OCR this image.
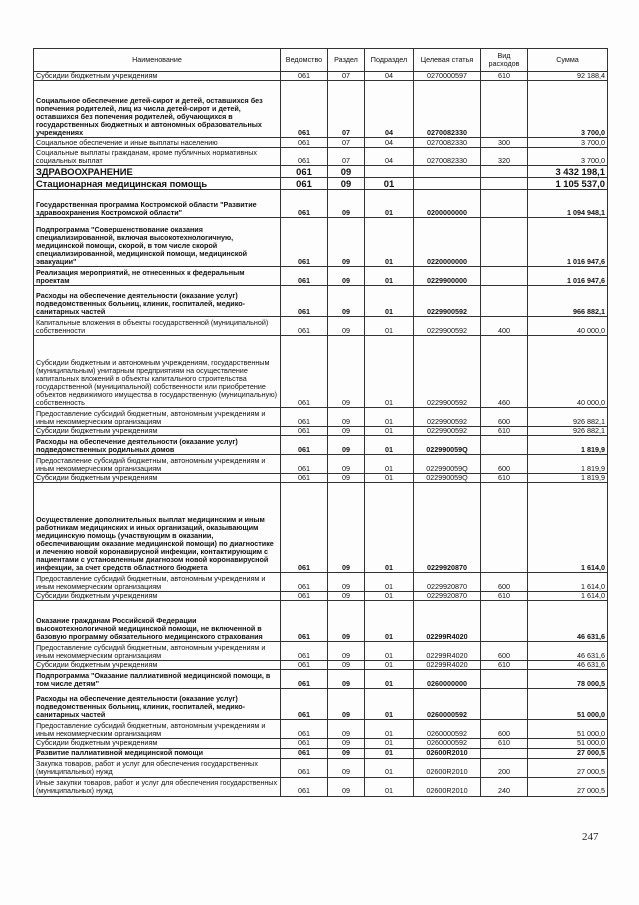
Наименование	Ведомство	Раздел	Подраздел	Целевая статья	Вид расходов	Сумма
Субсидии бюджетным учреждениям	061	07	04	0270000597	610	92 188,4
Социальное обеспечение детей-сирот и детей, оставшихся без попечения родителей, лиц из числа детей-сирот и детей, оставшихся без попечения родителей, обучающихся в государственных бюджетных и автономных образовательных учреждениях	061	07	04	0270082330		3 700,0
Социальное обеспечение и иные выплаты населению	061	07	04	0270082330	300	3 700,0
Социальные выплаты гражданам, кроме публичных нормативных социальных выплат	061	07	04	0270082330	320	3 700,0
ЗДРАВООХРАНЕНИЕ	061	09				3 432 198,1
Стационарная медицинская помощь	061	09	01			1 105 537,0
Государственная программа Костромской области "Развитие здравоохранения Костромской области"	061	09	01	0200000000		1 094 948,1
Подпрограмма "Совершенствование оказания специализированной, включая высокотехнологичную, медицинской помощи, скорой, в том числе скорой специализированной, медицинской помощи, медицинской эвакуации"	061	09	01	0220000000		1 016 947,6
Реализация мероприятий, не отнесенных к федеральным проектам	061	09	01	0229900000		1 016 947,6
Расходы на обеспечение деятельности (оказание услуг) подведомственных больниц, клиник, госпиталей, медико-санитарных частей	061	09	01	0229900592		966 882,1
Капитальные вложения в объекты государственной (муниципальной) собственности	061	09	01	0229900592	400	40 000,0
Субсидии бюджетным и автономным учреждениям, государственным (муниципальным) унитарным предприятиям на осуществление капитальных вложений в объекты капитального строительства государственной (муниципальной) собственности или приобретение объектов недвижимого имущества в государственную (муниципальную) собственность	061	09	01	0229900592	460	40 000,0
Предоставление субсидий бюджетным, автономным учреждениям и иным некоммерческим организациям	061	09	01	0229900592	600	926 882,1
Субсидии бюджетным учреждениям	061	09	01	0229900592	610	926 882,1
Расходы на обеспечение деятельности (оказание услуг) подведомственных родильных домов	061	09	01	022990059Q		1 819,9
Предоставление субсидий бюджетным, автономным учреждениям и иным некоммерческим организациям	061	09	01	022990059Q	600	1 819,9
Субсидии бюджетным учреждениям	061	09	01	022990059Q	610	1 819,9
Осуществление дополнительных выплат медицинским и иным работникам медицинских и иных организаций, оказывающим медицинскую помощь (участвующим в оказании, обеспечивающим оказание медицинской помощи) по диагностике и лечению новой коронавирусной инфекции, контактирующим с пациентами с установленным диагнозом новой коронавирусной инфекции, за счет средств областного бюджета	061	09	01	0229920870		1 614,0
Предоставление субсидий бюджетным, автономным учреждениям и иным некоммерческим организациям	061	09	01	0229920870	600	1 614,0
Субсидии бюджетным учреждениям	061	09	01	0229920870	610	1 614,0
Оказание гражданам Российской Федерации высокотехнологичной медицинской помощи, не включенной в базовую программу обязательного медицинского страхования	061	09	01	02299R4020		46 631,6
Предоставление субсидий бюджетным, автономным учреждениям и иным некоммерческим организациям	061	09	01	02299R4020	600	46 631,6
Субсидии бюджетным учреждениям	061	09	01	02299R4020	610	46 631,6
Подпрограмма "Оказание паллиативной медицинской помощи, в том числе детям"	061	09	01	0260000000		78 000,5
Расходы на обеспечение деятельности (оказание услуг) подведомственных больниц, клиник, госпиталей, медико-санитарных частей	061	09	01	0260000592		51 000,0
Предоставление субсидий бюджетным, автономным учреждениям и иным некоммерческим организациям	061	09	01	0260000592	600	51 000,0
Субсидии бюджетным учреждениям	061	09	01	0260000592	610	51 000,0
Развитие паллиативной медицинской помощи	061	09	01	02600R2010		27 000,5
Закупка товаров, работ и услуг для обеспечения государственных (муниципальных) нужд	061	09	01	02600R2010	200	27 000,5
Иные закупки товаров, работ и услуг для обеспечения государственных (муниципальных) нужд	061	09	01	02600R2010	240	27 000,5
247
